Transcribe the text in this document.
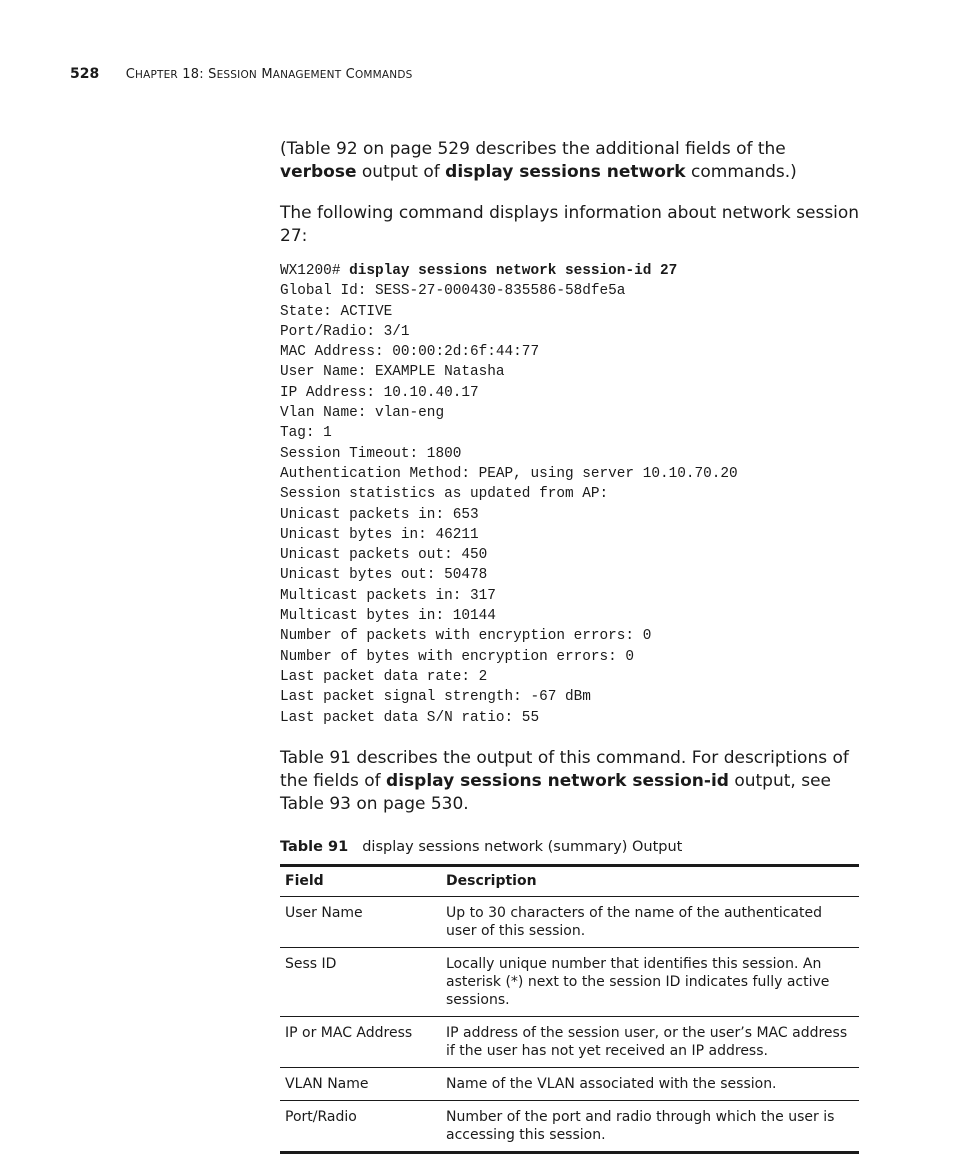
528 CHAPTER 18: SESSION MANAGEMENT COMMANDS

(Table 92 on page 529 describes the additional fields of the verbose output of display sessions network commands.)

The following command displays information about network session 27:

WX1200# display sessions network session-id 27
Global Id: SESS-27-000430-835586-58dfe5a
State: ACTIVE
Port/Radio: 3/1
MAC Address: 00:00:2d:6f:44:77
User Name: EXAMPLE Natasha
IP Address: 10.10.40.17
Vlan Name: vlan-eng
Tag: 1
Session Timeout: 1800
Authentication Method: PEAP, using server 10.10.70.20
Session statistics as updated from AP:
Unicast packets in: 653
Unicast bytes in: 46211
Unicast packets out: 450
Unicast bytes out: 50478
Multicast packets in: 317
Multicast bytes in: 10144
Number of packets with encryption errors: 0
Number of bytes with encryption errors: 0
Last packet data rate: 2
Last packet signal strength: -67 dBm
Last packet data S/N ratio: 55

Table 91 describes the output of this command. For descriptions of the fields of display sessions network session-id output, see Table 93 on page 530.

Table 91 display sessions network (summary) Output
Field	Description
User Name	Up to 30 characters of the name of the authenticated user of this session.
Sess ID	Locally unique number that identifies this session. An asterisk (*) next to the session ID indicates fully active sessions.
IP or MAC Address	IP address of the session user, or the user’s MAC address if the user has not yet received an IP address.
VLAN Name	Name of the VLAN associated with the session.
Port/Radio	Number of the port and radio through which the user is accessing this session.
